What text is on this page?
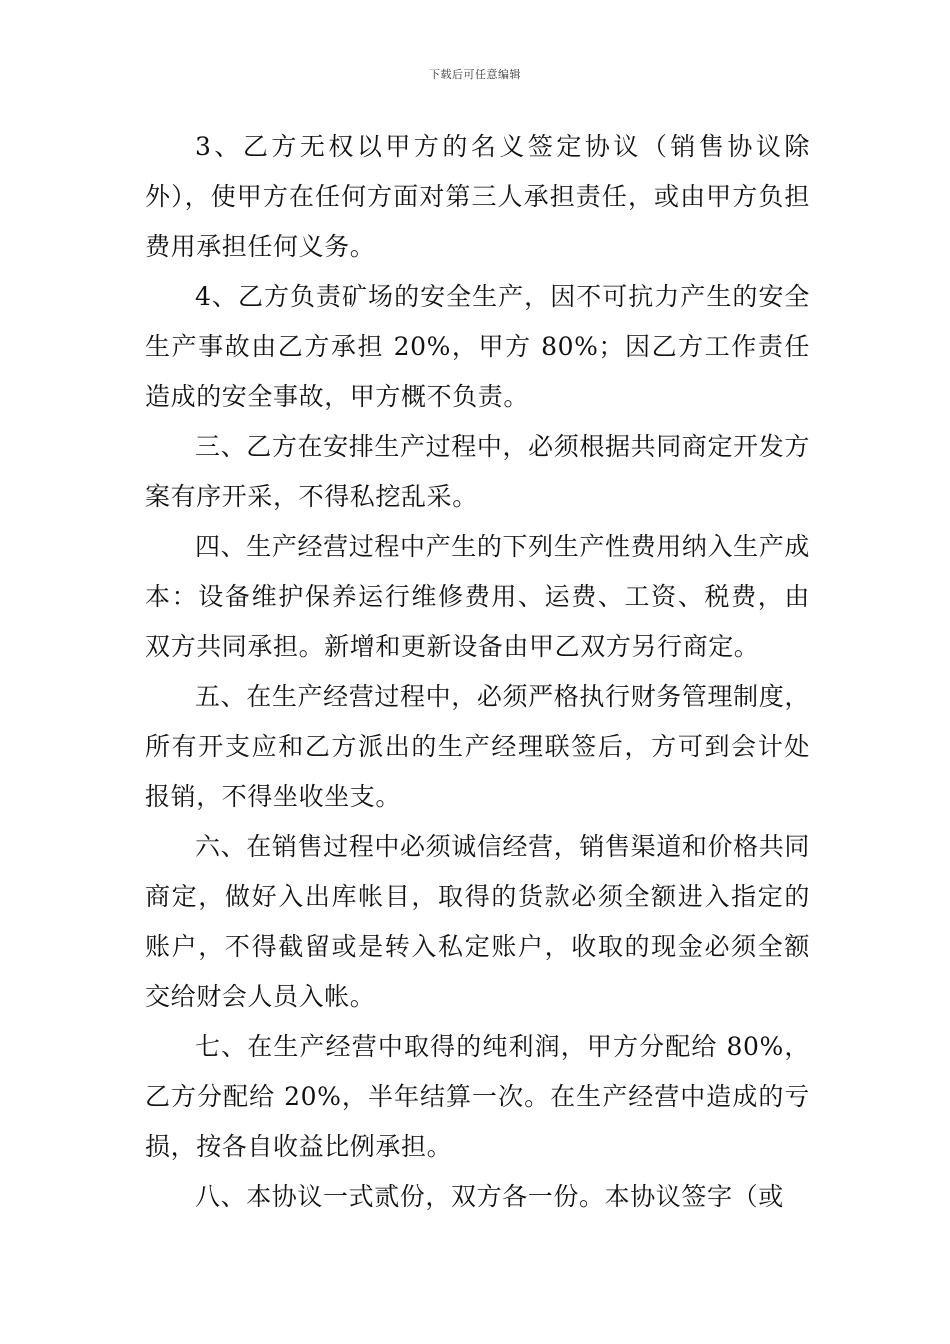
下载后可任意编辑

3、乙方无权以甲方的名义签定协议（销售协议除外），使甲方在任何方面对第三人承担责任，或由甲方负担费用承担任何义务。

4、乙方负责矿场的安全生产，因不可抗力产生的安全生产事故由乙方承担 20%，甲方 80%；因乙方工作责任造成的安全事故，甲方概不负责。

三、乙方在安排生产过程中，必须根据共同商定开发方案有序开采，不得私挖乱采。

四、生产经营过程中产生的下列生产性费用纳入生产成本：设备维护保养运行维修费用、运费、工资、税费，由双方共同承担。新增和更新设备由甲乙双方另行商定。

五、在生产经营过程中，必须严格执行财务管理制度，所有开支应和乙方派出的生产经理联签后，方可到会计处报销，不得坐收坐支。

六、在销售过程中必须诚信经营，销售渠道和价格共同商定，做好入出库帐目，取得的货款必须全额进入指定的账户，不得截留或是转入私定账户，收取的现金必须全额交给财会人员入帐。

七、在生产经营中取得的纯利润，甲方分配给 80%，乙方分配给 20%，半年结算一次。在生产经营中造成的亏损，按各自收益比例承担。

八、本协议一式贰份，双方各一份。本协议签字（或
